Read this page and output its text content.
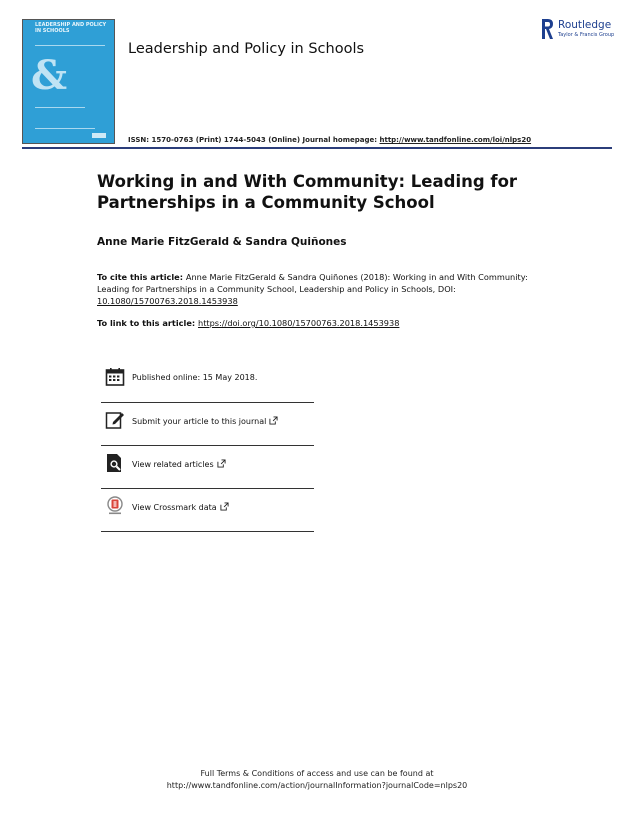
LEADERSHIP AND POLICY
IN SCHOOLS
&
Leadership and Policy in Schools
Routledge
Taylor & Francis Group
ISSN: 1570-0763 (Print) 1744-5043 (Online) Journal homepage: http://www.tandfonline.com/loi/nlps20
Working in and With Community: Leading for Partnerships in a Community School
Anne Marie FitzGerald & Sandra Quiñones
To cite this article: Anne Marie FitzGerald & Sandra Quiñones (2018): Working in and With Community: Leading for Partnerships in a Community School, Leadership and Policy in Schools, DOI: 10.1080/15700763.2018.1453938
To link to this article: https://doi.org/10.1080/15700763.2018.1453938
Published online: 15 May 2018.
Submit your article to this journal
View related articles
View Crossmark data
Full Terms & Conditions of access and use can be found at
http://www.tandfonline.com/action/journalInformation?journalCode=nlps20
